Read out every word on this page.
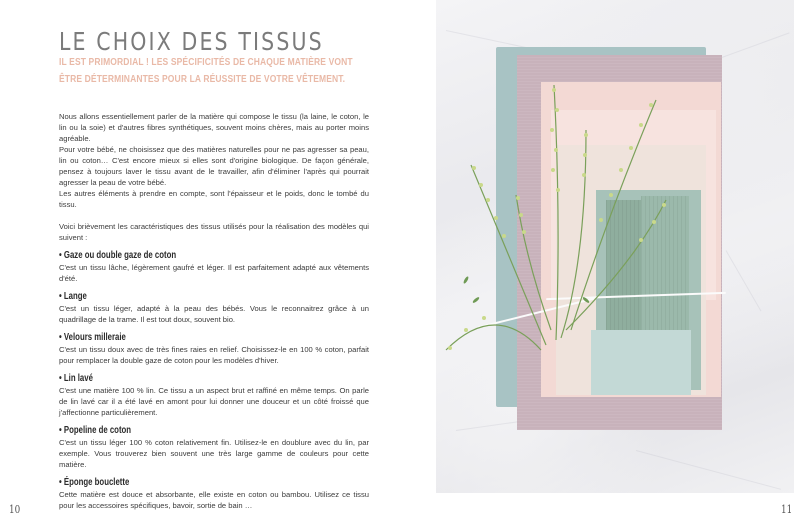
LE CHOIX DES TISSUS
IL EST PRIMORDIAL ! LES SPÉCIFICITÉS DE CHAQUE MATIÈRE VONT ÊTRE DÉTERMINANTES POUR LA RÉUSSITE DE VOTRE VÊTEMENT.

Nous allons essentiellement parler de la matière qui compose le tissu (la laine, le coton, le lin ou la soie) et d'autres fibres synthétiques, souvent moins chères, mais au porter moins agréable.

Pour votre bébé, ne choisissez que des matières naturelles pour ne pas agresser sa peau, lin ou coton… C'est encore mieux si elles sont d'origine biologique. De façon générale, pensez à toujours laver le tissu avant de le travailler, afin d'éliminer l'après qui pourrait agresser la peau de votre bébé.

Les autres éléments à prendre en compte, sont l'épaisseur et le poids, donc le tombé du tissu.

Voici brièvement les caractéristiques des tissus utilisés pour la réalisation des modèles qui suivent :

• Gaze ou double gaze de coton

C'est un tissu lâche, légèrement gaufré et léger. Il est parfaitement adapté aux vêtements d'été.

• Lange

C'est un tissu léger, adapté à la peau des bébés. Vous le reconnaitrez grâce à un quadrillage de la trame. Il est tout doux, souvent bio.

• Velours milleraie

C'est un tissu doux avec de très fines raies en relief. Choisissez-le en 100 % coton, parfait pour remplacer la double gaze de coton pour les modèles d'hiver.

• Lin lavé

C'est une matière 100 % lin. Ce tissu a un aspect brut et raffiné en même temps. On parle de lin lavé car il a été lavé en amont pour lui donner une douceur et un côté froissé que j'affectionne particulièrement.

• Popeline de coton

C'est un tissu léger 100 % coton relativement fin. Utilisez-le en doublure avec du lin, par exemple. Vous trouverez bien souvent une très large gamme de couleurs pour cette matière.

• Éponge bouclette

Cette matière est douce et absorbante, elle existe en coton ou bambou. Utilisez ce tissu pour les accessoires spécifiques, bavoir, sortie de bain …

10	11
